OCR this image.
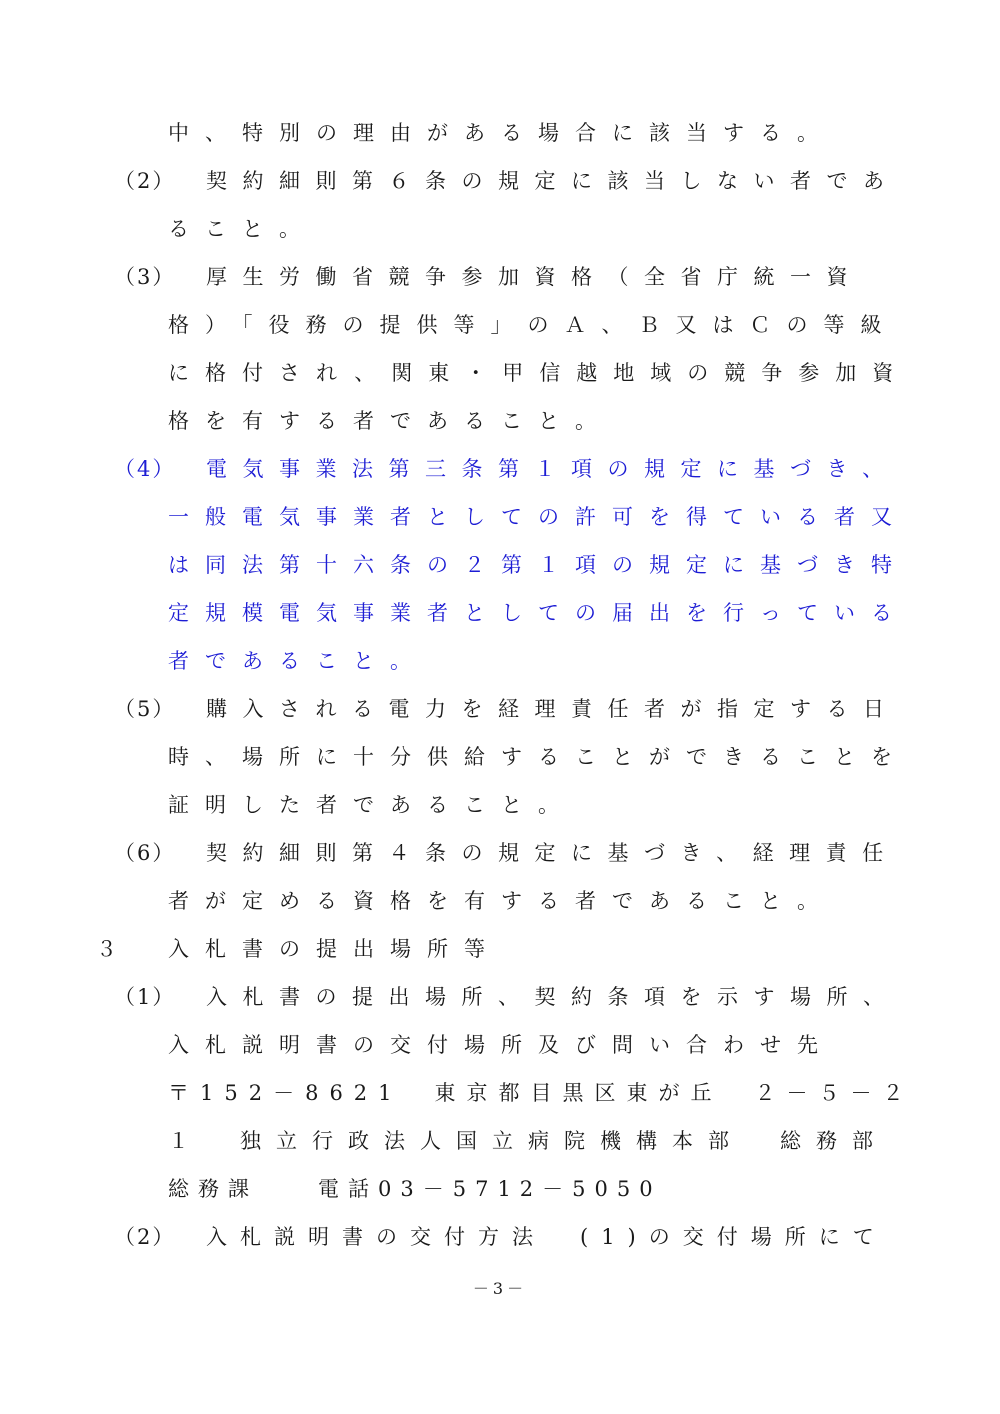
中、特別の理由がある場合に該当する。
（2） 契約細則第６条の規定に該当しない者であ
ること。
（3） 厚生労働省競争参加資格（全省庁統一資
格）「役務の提供等」のＡ、Ｂ又はＣの等級
に格付され、関東・甲信越地域の競争参加資
格を有する者であること。
（4） 電気事業法第三条第１項の規定に基づき、
一般電気事業者としての許可を得ている者又
は同法第十六条の２第１項の規定に基づき特
定規模電気事業者としての届出を行っている
者であること。
（5） 購入される電力を経理責任者が指定する日
時、場所に十分供給することができることを
証明した者であること。
（6） 契約細則第４条の規定に基づき、経理責任
者が定める資格を有する者であること。
３ 入札書の提出場所等
（1） 入札書の提出場所、契約条項を示す場所、
入札説明書の交付場所及び問い合わせ先
〒152－8621　東京都目黒区東が丘　２－５－２
１　独立行政法人国立病院機構本部　総務部
総務課　　電話03－5712－5050
（2） 入札説明書の交付方法　(1)の交付場所にて
－3－
